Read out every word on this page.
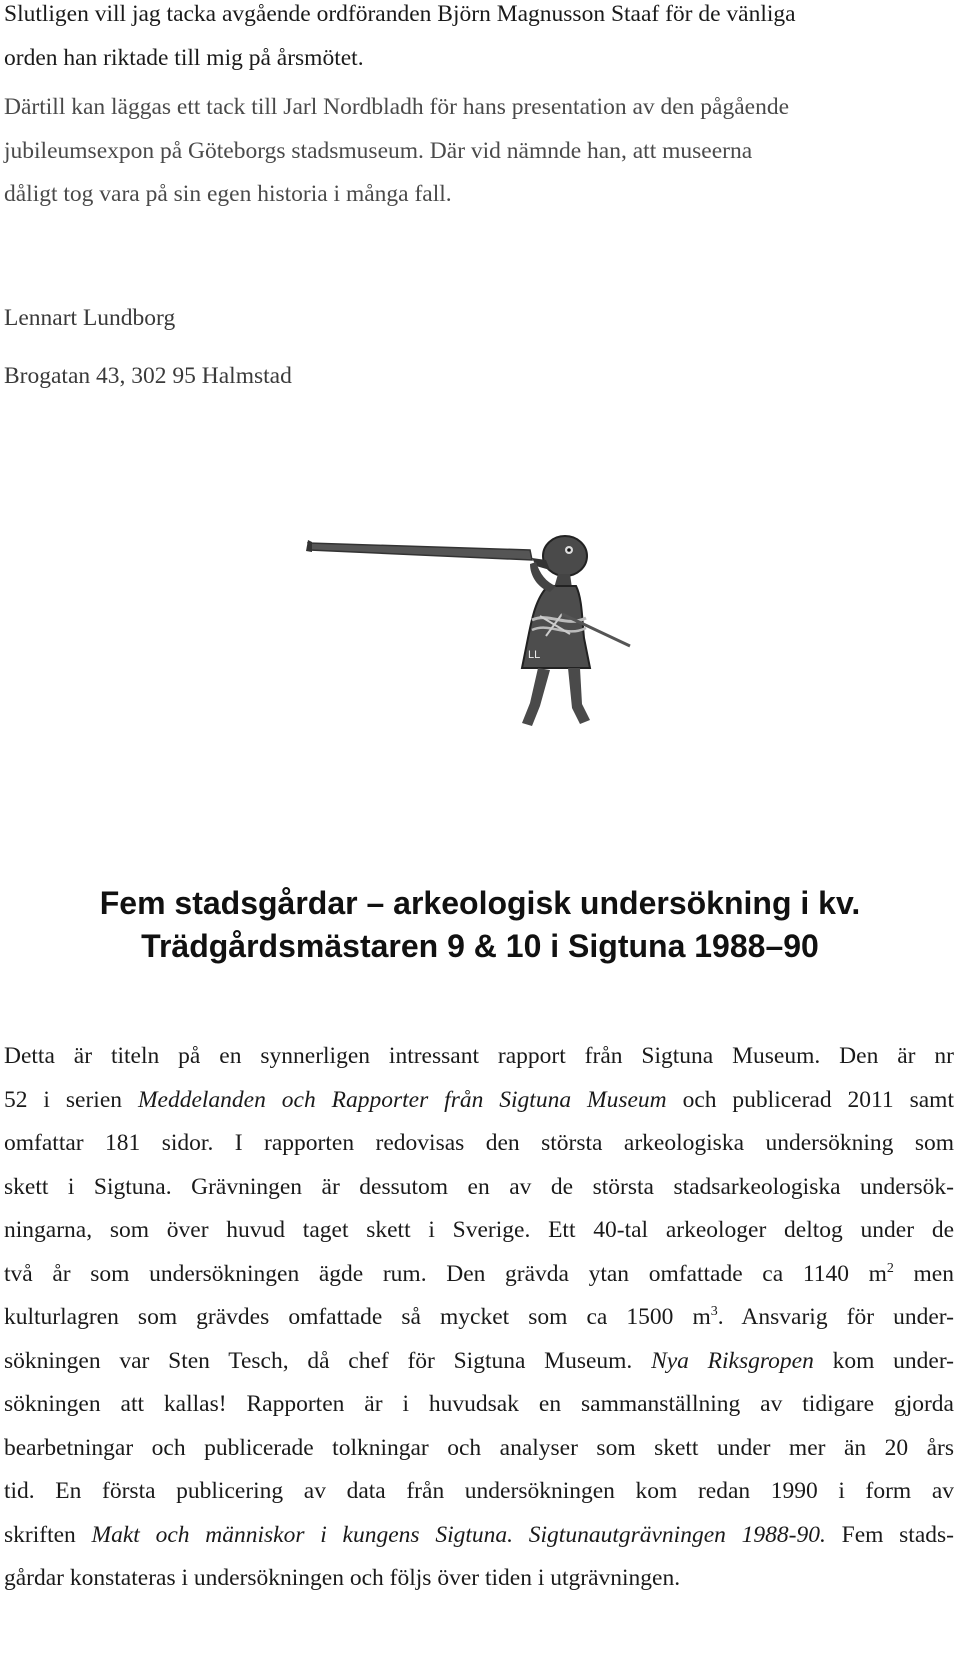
Slutligen vill jag tacka avgående ordföranden Björn Magnusson Staaf för de vänliga
orden han riktade till mig på årsmötet.
Därtill kan läggas ett tack till Jarl Nordbladh för hans presentation av den pågående
jubileumsexpon på Göteborgs stadsmuseum. Där vid nämnde han, att museerna
dåligt tog vara på sin egen historia i många fall.

Lennart Lundborg

Brogatan 43, 302 95 Halmstad

LL
Fem stadsgårdar – arkeologisk undersökning i kv.
Trädgårdsmästaren 9 & 10 i Sigtuna 1988–90
Detta är titeln på en synnerligen intressant rapport från Sigtuna Museum. Den är nr
52 i serien Meddelanden och Rapporter från Sigtuna Museum och publicerad 2011 samt
omfattar 181 sidor. I rapporten redovisas den största arkeologiska undersökning som
skett i Sigtuna. Grävningen är dessutom en av de största stadsarkeologiska undersök-
ningarna, som över huvud taget skett i Sverige. Ett 40-tal arkeologer deltog under de
två år som undersökningen ägde rum. Den grävda ytan omfattade ca 1140 $m^2$ men
kulturlagren som grävdes omfattade så mycket som ca 1500 $m^3$. Ansvarig för under-
sökningen var Sten Tesch, då chef för Sigtuna Museum. Nya Riksgropen kom under-
sökningen att kallas! Rapporten är i huvudsak en sammanställning av tidigare gjorda
bearbetningar och publicerade tolkningar och analyser som skett under mer än 20 års
tid. En första publicering av data från undersökningen kom redan 1990 i form av
skriften Makt och människor i kungens Sigtuna. Sigtunautgrävningen 1988-90. Fem stads-
gårdar konstateras i undersökningen och följs över tiden i utgrävningen.
